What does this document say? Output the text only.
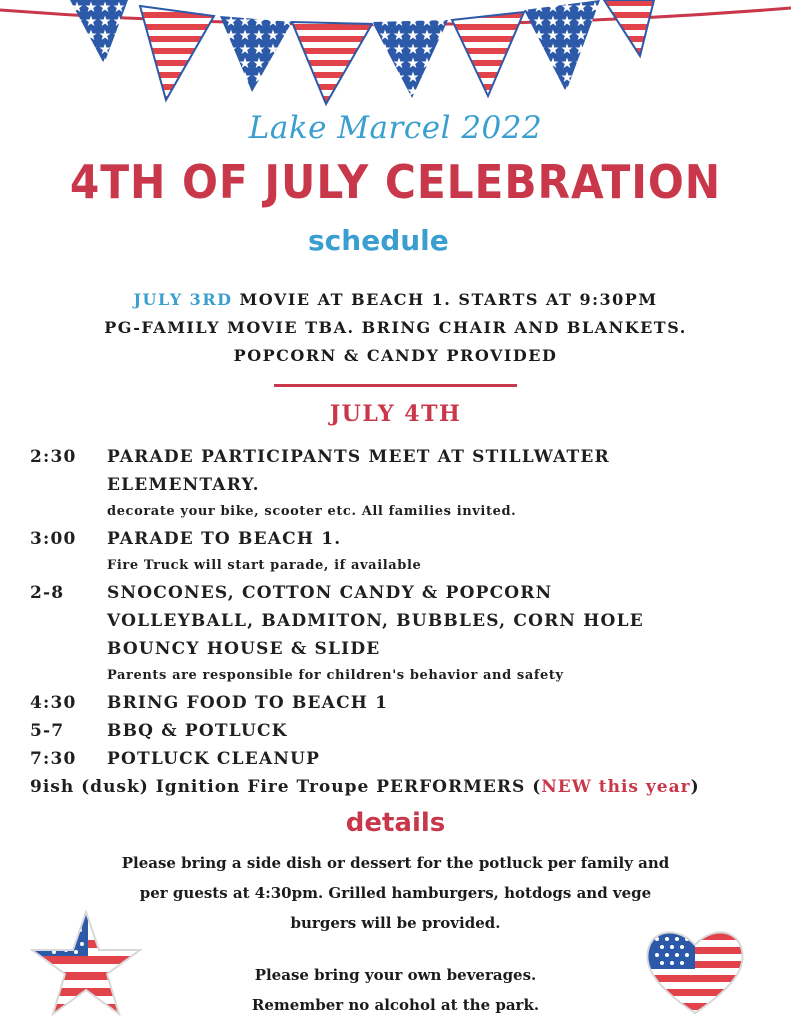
Lake Marcel 2022
4TH OF JULY CELEBRATION
schedule
JULY 3RD MOVIE AT BEACH 1. STARTS AT 9:30PM
PG-FAMILY MOVIE TBA. BRING CHAIR AND BLANKETS.
POPCORN & CANDY PROVIDED
JULY 4TH
2:30 PARADE PARTICIPANTS MEET AT STILLWATER
ELEMENTARY.
decorate your bike, scooter etc. All families invited.
3:00 PARADE TO BEACH 1.
Fire Truck will start parade, if available
2-8	SNOCONES, COTTON CANDY & POPCORN
VOLLEYBALL, BADMITON, BUBBLES, CORN HOLE
BOUNCY HOUSE & SLIDE
Parents are responsible for children's behavior and safety
4:30 BRING FOOD TO BEACH 1
5-7	BBQ & POTLUCK
7:30 POTLUCK CLEANUP
9ish (dusk) Ignition Fire Troupe PERFORMERS (NEW this year)
details
Please bring a side dish or dessert for the potluck per family and
per guests at 4:30pm. Grilled hamburgers, hotdogs and vege
burgers will be provided.
Please bring your own beverages.
Remember no alcohol at the park.
